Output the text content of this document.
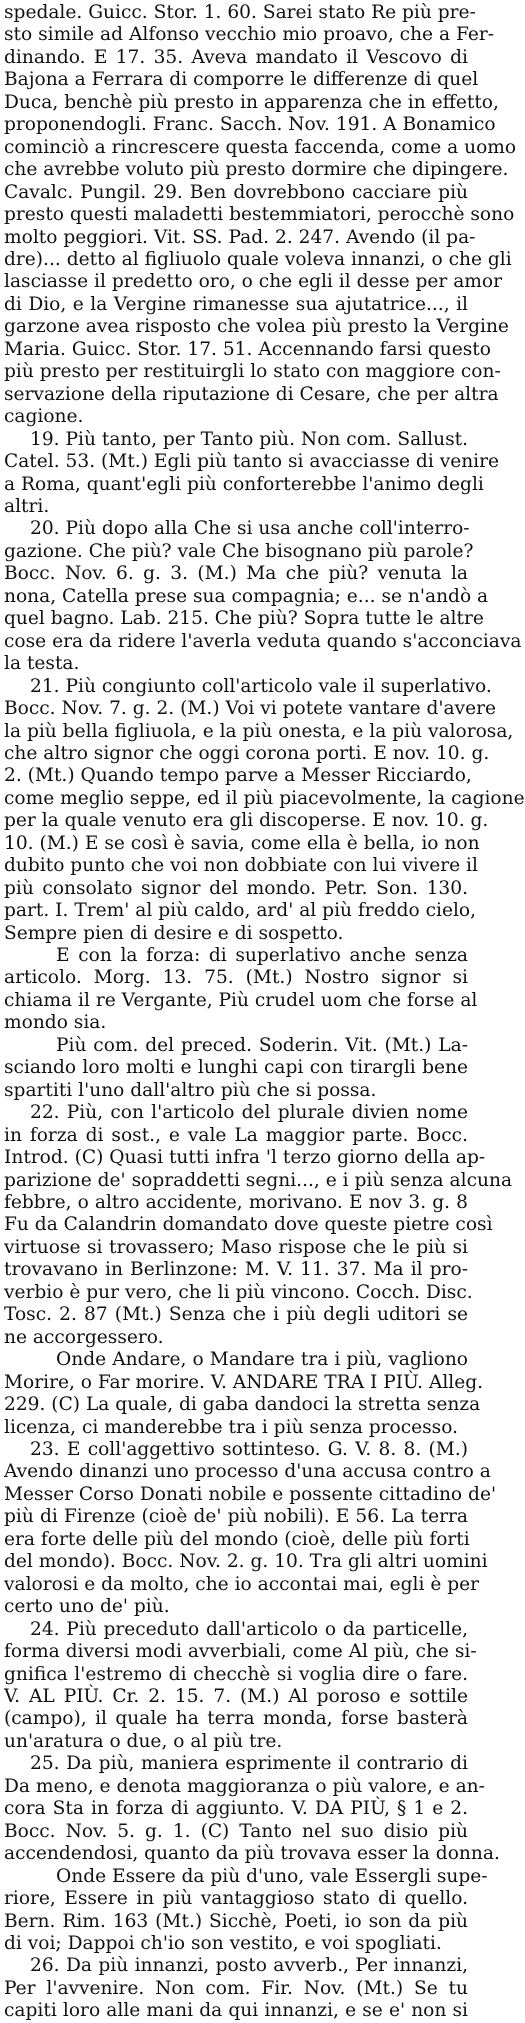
spedale. Guicc. Stor. 1. 60. Sarei stato Re più pre-
sto simile ad Alfonso vecchio mio proavo, che a Fer-
dinando. E 17. 35. Aveva mandato il Vescovo di
Bajona a Ferrara di comporre le differenze di quel
Duca, benchè più presto in apparenza che in effetto,
proponendogli. Franc. Sacch. Nov. 191. A Bonamico
cominciò a rincrescere questa faccenda, come a uomo
che avrebbe voluto più presto dormire che dipingere.
Cavalc. Pungil. 29. Ben dovrebbono cacciare più
presto questi maladetti bestemmiatori, perocchè sono
molto peggiori. Vit. SS. Pad. 2. 247. Avendo (il pa-
dre)... detto al figliuolo quale voleva innanzi, o che gli
lasciasse il predetto oro, o che egli il desse per amor
di Dio, e la Vergine rimanesse sua ajutatrice..., il
garzone avea risposto che volea più presto la Vergine
Maria. Guicc. Stor. 17. 51. Accennando farsi questo
più presto per restituirgli lo stato con maggiore con-
servazione della riputazione di Cesare, che per altra
cagione.
19. Più tanto, per Tanto più. Non com. Sallust.
Catel. 53. (Mt.) Egli più tanto si avacciasse di venire
a Roma, quant'egli più conforterebbe l'animo degli
altri.
20. Più dopo alla Che si usa anche coll'interro-
gazione. Che più? vale Che bisognano più parole?
Bocc. Nov. 6. g. 3. (M.) Ma che più? venuta la
nona, Catella prese sua compagnia; e... se n'andò a
quel bagno. Lab. 215. Che più? Sopra tutte le altre
cose era da ridere l'averla veduta quando s'acconciava
la testa.
21. Più congiunto coll'articolo vale il superlativo.
Bocc. Nov. 7. g. 2. (M.) Voi vi potete vantare d'avere
la più bella figliuola, e la più onesta, e la più valorosa,
che altro signor che oggi corona porti. E nov. 10. g.
2. (Mt.) Quando tempo parve a Messer Ricciardo,
come meglio seppe, ed il più piacevolmente, la cagione
per la quale venuto era gli discoperse. E nov. 10. g.
10. (M.) E se così è savia, come ella è bella, io non
dubito punto che voi non dobbiate con lui vivere il
più consolato signor del mondo. Petr. Son. 130.
part. I. Trem' al più caldo, ard' al più freddo cielo,
Sempre pien di desire e di sospetto.
E con la forza: di superlativo anche senza
articolo. Morg. 13. 75. (Mt.) Nostro signor si
chiama il re Vergante, Più crudel uom che forse al
mondo sia.
Più com. del preced. Soderin. Vit. (Mt.) La-
sciando loro molti e lunghi capi con tirargli bene
spartiti l'uno dall'altro più che si possa.
22. Più, con l'articolo del plurale divien nome
in forza di sost., e vale La maggior parte. Bocc.
Introd. (C) Quasi tutti infra 'l terzo giorno della ap-
parizione de' sopraddetti segni..., e i più senza alcuna
febbre, o altro accidente, morivano. E nov 3. g. 8
Fu da Calandrin domandato dove queste pietre così
virtuose si trovassero; Maso rispose che le più si
trovavano in Berlinzone: M. V. 11. 37. Ma il pro-
verbio è pur vero, che li più vincono. Cocch. Disc.
Tosc. 2. 87 (Mt.) Senza che i più degli uditori se
ne accorgessero.
Onde Andare, o Mandare tra i più, vagliono
Morire, o Far morire. V. ANDARE TRA I PIÙ. Alleg.
229. (C) La quale, di gaba dandoci la stretta senza
licenza, ci manderebbe tra i più senza processo.
23. E coll'aggettivo sottinteso. G. V. 8. 8. (M.)
Avendo dinanzi uno processo d'una accusa contro a
Messer Corso Donati nobile e possente cittadino de'
più di Firenze (cioè de' più nobili). E 56. La terra
era forte delle più del mondo (cioè, delle più forti
del mondo). Bocc. Nov. 2. g. 10. Tra gli altri uomini
valorosi e da molto, che io accontai mai, egli è per
certo uno de' più.
24. Più preceduto dall'articolo o da particelle,
forma diversi modi avverbiali, come Al più, che si-
gnifica l'estremo di checchè si voglia dire o fare.
V. AL PIÙ. Cr. 2. 15. 7. (M.) Al poroso e sottile
(campo), il quale ha terra monda, forse basterà
un'aratura o due, o al più tre.
25. Da più, maniera esprimente il contrario di
Da meno, e denota maggioranza o più valore, e an-
cora Sta in forza di aggiunto. V. DA PIÙ, § 1 e 2.
Bocc. Nov. 5. g. 1. (C) Tanto nel suo disio più
accendendosi, quanto da più trovava esser la donna.
Onde Essere da più d'uno, vale Essergli supe-
riore, Essere in più vantaggioso stato di quello.
Bern. Rim. 163 (Mt.) Sicchè, Poeti, io son da più
di voi; Dappoi ch'io son vestito, e voi spogliati.
26. Da più innanzi, posto avverb., Per innanzi,
Per l'avvenire. Non com. Fir. Nov. (Mt.) Se tu
capiti loro alle mani da qui innanzi, e se e' non si
